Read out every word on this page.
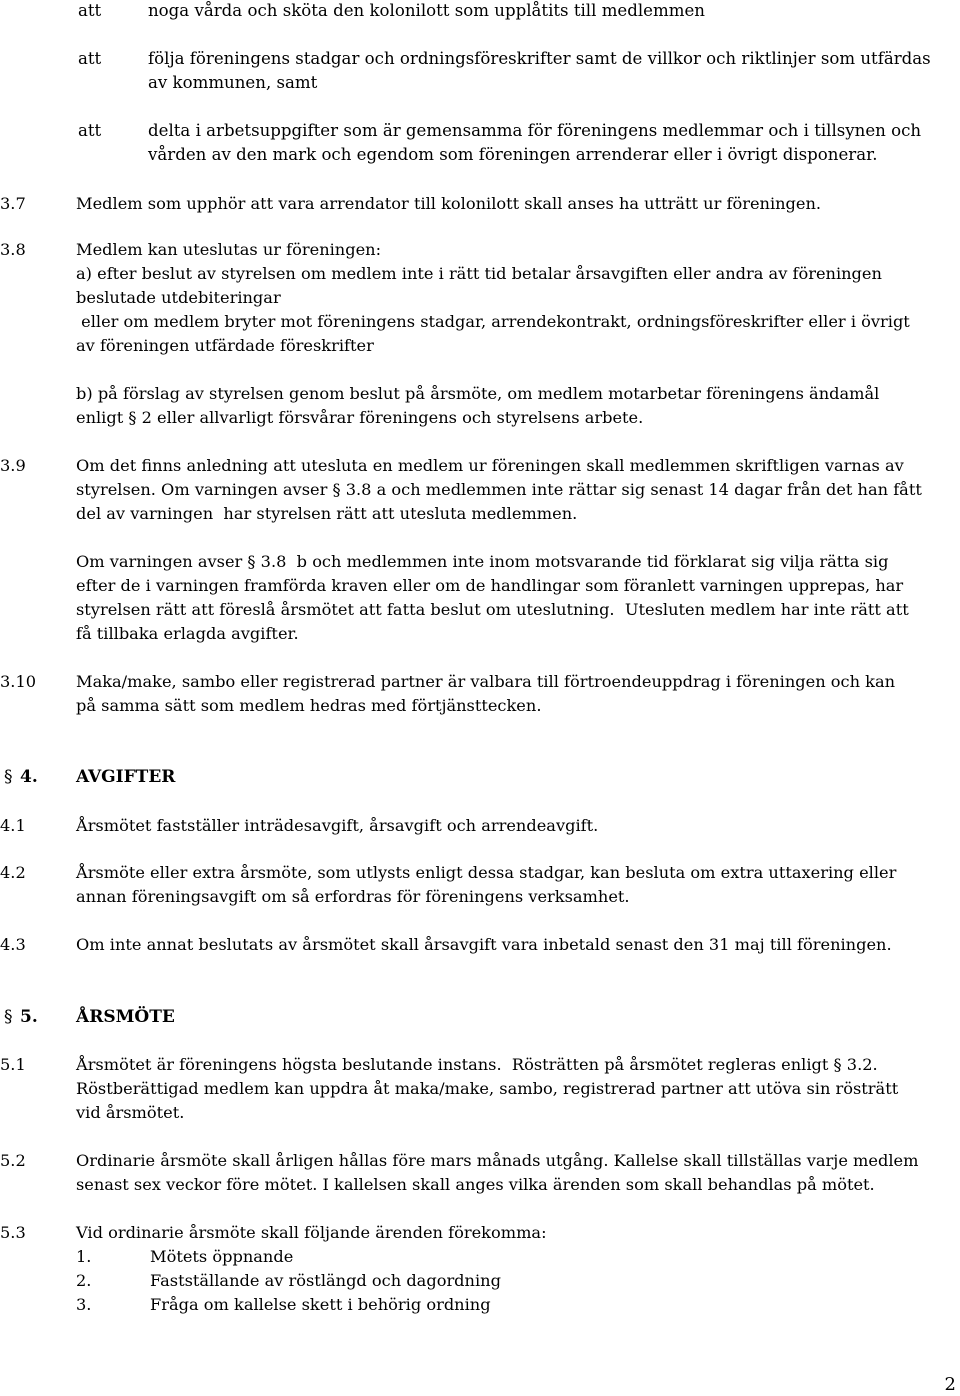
att	noga vårda och sköta den kolonilott som upplåtits till medlemmen
att	följa föreningens stadgar och ordningsföreskrifter samt de villkor och riktlinjer som utfärdas
av kommunen, samt
att	delta i arbetsuppgifter som är gemensamma för föreningens medlemmar och i tillsynen och
vården av den mark och egendom som föreningen arrenderar eller i övrigt disponerar.
3.7	Medlem som upphör att vara arrendator till kolonilott skall anses ha utträtt ur föreningen.
3.8	Medlem kan uteslutas ur föreningen:
a) efter beslut av styrelsen om medlem inte i rätt tid betalar årsavgiften eller andra av föreningen
beslutade utdebiteringar
eller om medlem bryter mot föreningens stadgar, arrendekontrakt, ordningsföreskrifter eller i övrigt
av föreningen utfärdade föreskrifter
b) på förslag av styrelsen genom beslut på årsmöte, om medlem motarbetar föreningens ändamål
enligt § 2 eller allvarligt försvårar föreningens och styrelsens arbete.
3.9	Om det finns anledning att utesluta en medlem ur föreningen skall medlemmen skriftligen varnas av
styrelsen. Om varningen avser § 3.8 a och medlemmen inte rättar sig senast 14 dagar från det han fått
del av varningen  har styrelsen rätt att utesluta medlemmen.
Om varningen avser § 3.8  b och medlemmen inte inom motsvarande tid förklarat sig vilja rätta sig
efter de i varningen framförda kraven eller om de handlingar som föranlett varningen upprepas, har
styrelsen rätt att föreslå årsmötet att fatta beslut om uteslutning.  Utesluten medlem har inte rätt att
få tillbaka erlagda avgifter.
3.10 Maka/make, sambo eller registrerad partner är valbara till förtroendeuppdrag i föreningen och kan
på samma sätt som medlem hedras med förtjänsttecken.
§ 4. AVGIFTER
4.1	Årsmötet fastställer inträdesavgift, årsavgift och arrendeavgift.
4.2	Årsmöte eller extra årsmöte, som utlysts enligt dessa stadgar, kan besluta om extra uttaxering eller
annan föreningsavgift om så erfordras för föreningens verksamhet.
4.3	Om inte annat beslutats av årsmötet skall årsavgift vara inbetald senast den 31 maj till föreningen.
§ 5. ÅRSMÖTE
5.1	Årsmötet är föreningens högsta beslutande instans.  Rösträtten på årsmötet regleras enligt § 3.2.
Röstberättigad medlem kan uppdra åt maka/make, sambo, registrerad partner att utöva sin rösträtt
vid årsmötet.
5.2	Ordinarie årsmöte skall årligen hållas före mars månads utgång. Kallelse skall tillställas varje medlem
senast sex veckor före mötet. I kallelsen skall anges vilka ärenden som skall behandlas på mötet.
5.3	Vid ordinarie årsmöte skall följande ärenden förekomma:
1.	Mötets öppnande
2.	Fastställande av röstlängd och dagordning
3.	Fråga om kallelse skett i behörig ordning
2
